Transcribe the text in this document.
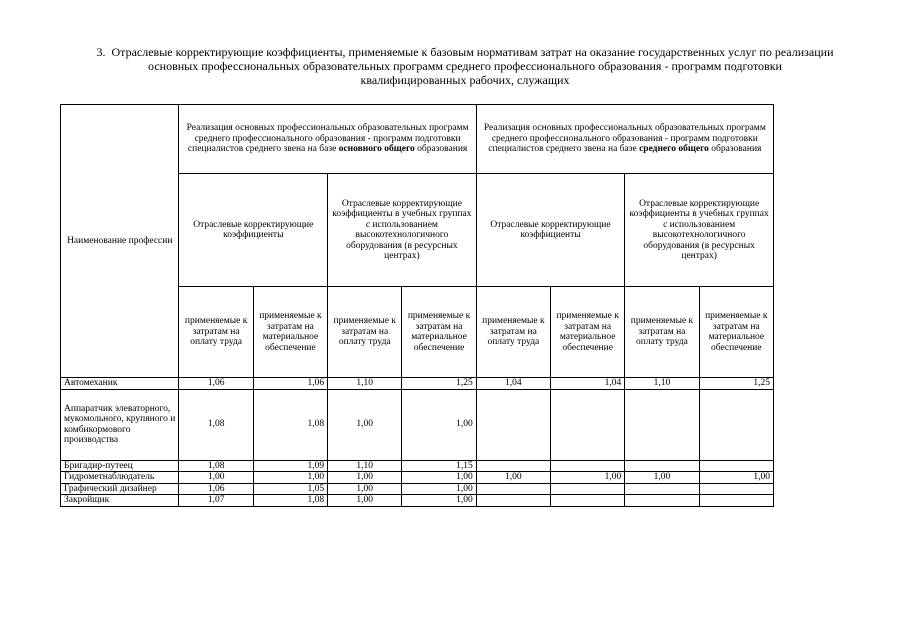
3. Отраслевые корректирующие коэффициенты, применяемые к базовым нормативам затрат на оказание государственных услуг по реализации основных профессиональных образовательных программ среднего профессионального образования - программ подготовки квалифицированных рабочих, служащих
Наименование профессии	Реализация основных профессиональных образовательных программ среднего профессионального образования - программ подготовки специалистов среднего звена на базе основного общего образования				Реализация основных профессиональных образовательных программ среднего профессионального образования - программ подготовки специалистов среднего звена на базе среднего общего образования			
	Отраслевые корректирующие коэффициенты		Отраслевые корректирующие коэффициенты в учебных группах с использованием высокотехнологичного оборудования (в ресурсных центрах)		Отраслевые корректирующие коэффициенты		Отраслевые корректирующие коэффициенты в учебных группах с использованием высокотехнологичного оборудования (в ресурсных центрах)	
	применяемые к затратам на оплату труда	применяемые к затратам на материальное обеспечение	применяемые к затратам на оплату труда	применяемые к затратам на материальное обеспечение	применяемые к затратам на оплату труда	применяемые к затратам на материальное обеспечение	применяемые к затратам на оплату труда	применяемые к затратам на материальное обеспечение
Автомеханик	1,06	1,06	1,10	1,25	1,04	1,04	1,10	1,25
Аппаратчик элеваторного, мукомольного, крупяного и комбикормового производства	1,08	1,08	1,00	1,00				
Бригадир-путеец	1,08	1,09	1,10	1,15				
Гидрометнаблюдатель	1,00	1,00	1,00	1,00	1,00	1,00	1,00	1,00
Графический дизайнер	1,06	1,05	1,00	1,00				
Закройщик	1,07	1,08	1,00	1,00				
